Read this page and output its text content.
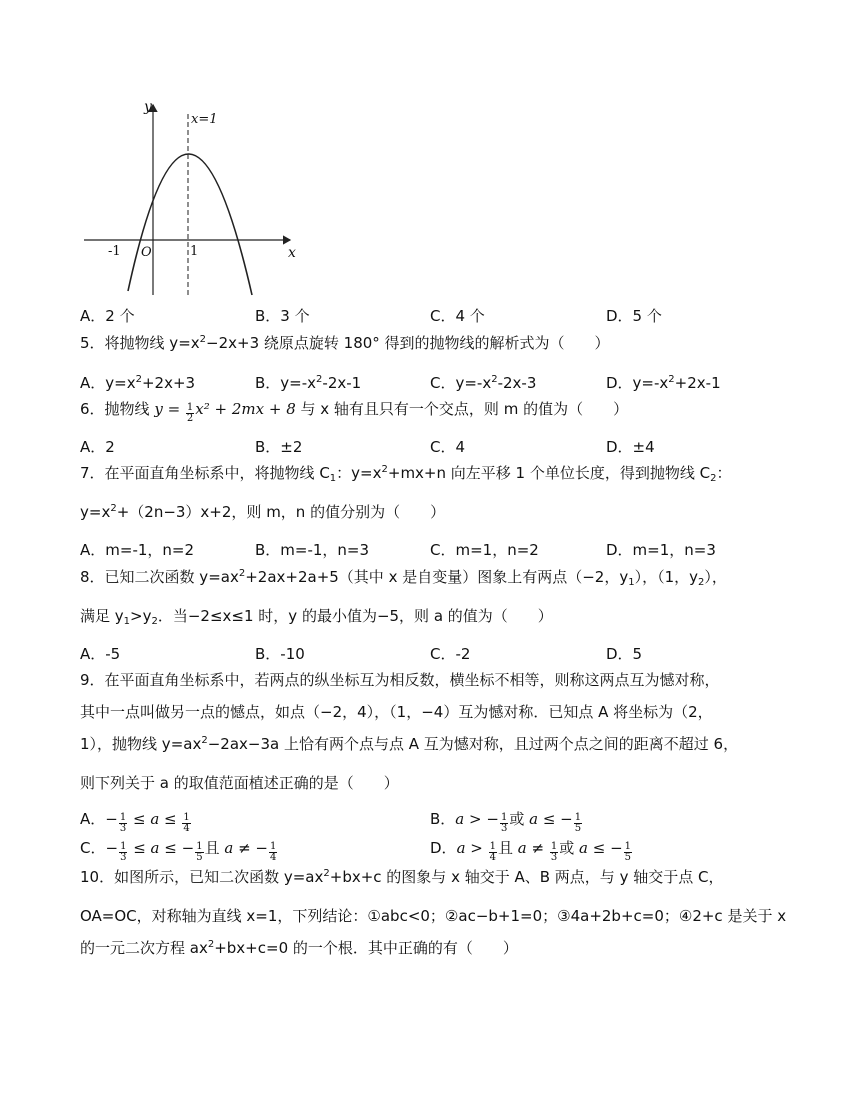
y
x
O
-1	1
x=1
A．2 个	B．3 个	C．4 个	D．5 个
5．将抛物线 $y=x^2-2x+3$ 绕原点旋转 180° 得到的抛物线的解析式为（　　）
A．$y=x^2+2x+3$	B．$y=-x^2-2x-1$	C．$y=-x^2-2x-3$	D．$y=-x^2+2x-1$
6．抛物线 $y = \frac{1}{2} x^2 + 2mx + 8$ 与 x 轴有且只有一个交点，则 m 的值为（　　）
A．2	B．±2	C．4	D．±4
7．在平面直角坐标系中，将抛物线 $C_1$：$y=x^2+mx+n$ 向左平移 1 个单位长度，得到抛物线 $C_2$：
$y=x^2+(2n-3)x+2$，则 m，n 的值分别为（　　）
A．m=-1，n=2	B．m=-1，n=3	C．m=1，n=2	D．m=1，n=3
8．已知二次函数 $y=ax^2+2ax+2a+5$（其中 x 是自变量）图象上有两点（−2，$y_1$），（1，$y_2$），
满足 $y_1>y_2$．当−2≤x≤1 时，y 的最小值为−5，则 a 的值为（　　）
A．-5	B．-10	C．-2	D．5
9．在平面直角坐标系中，若两点的纵坐标互为相反数，横坐标不相等，则称这两点互为憾对称，
其中一点叫做另一点的憾点，如点（−2，4），（1，−4）互为憾对称．已知点 A 将坐标为（2，
1），抛物线 $y=ax^2-2ax-3a$ 上恰有两个点与点 A 互为憾对称，且过两个点之间的距离不超过 6，
则下列关于 a 的取值范面植述正确的是（　　）
A．− $\frac{1}{3} \le a \le \frac{1}{4}$	B．a > − $\frac{1}{3}$ 或 a ≤ − $\frac{1}{5}$
C．− $\frac{1}{3} \le a$ ≤ − $\frac{1}{5}$ 且 a ≠ − $\frac{1}{4}$	D．$a > \frac{1}{4}$ 且 $a \ne \frac{1}{3}$ 或 a ≤ − $\frac{1}{5}$
10．如图所示，已知二次函数 $y=ax^2+bx+c$ 的图象与 x 轴交于 A、B 两点，与 y 轴交于点 C，
OA=OC，对称轴为直线 x=1，下列结论：①abc<0；②ac−b+1=0；③4a+2b+c=0；④2+c 是关于 x
的一元二次方程 $ax^2+bx+c=0$ 的一个根．其中正确的有（　　）
